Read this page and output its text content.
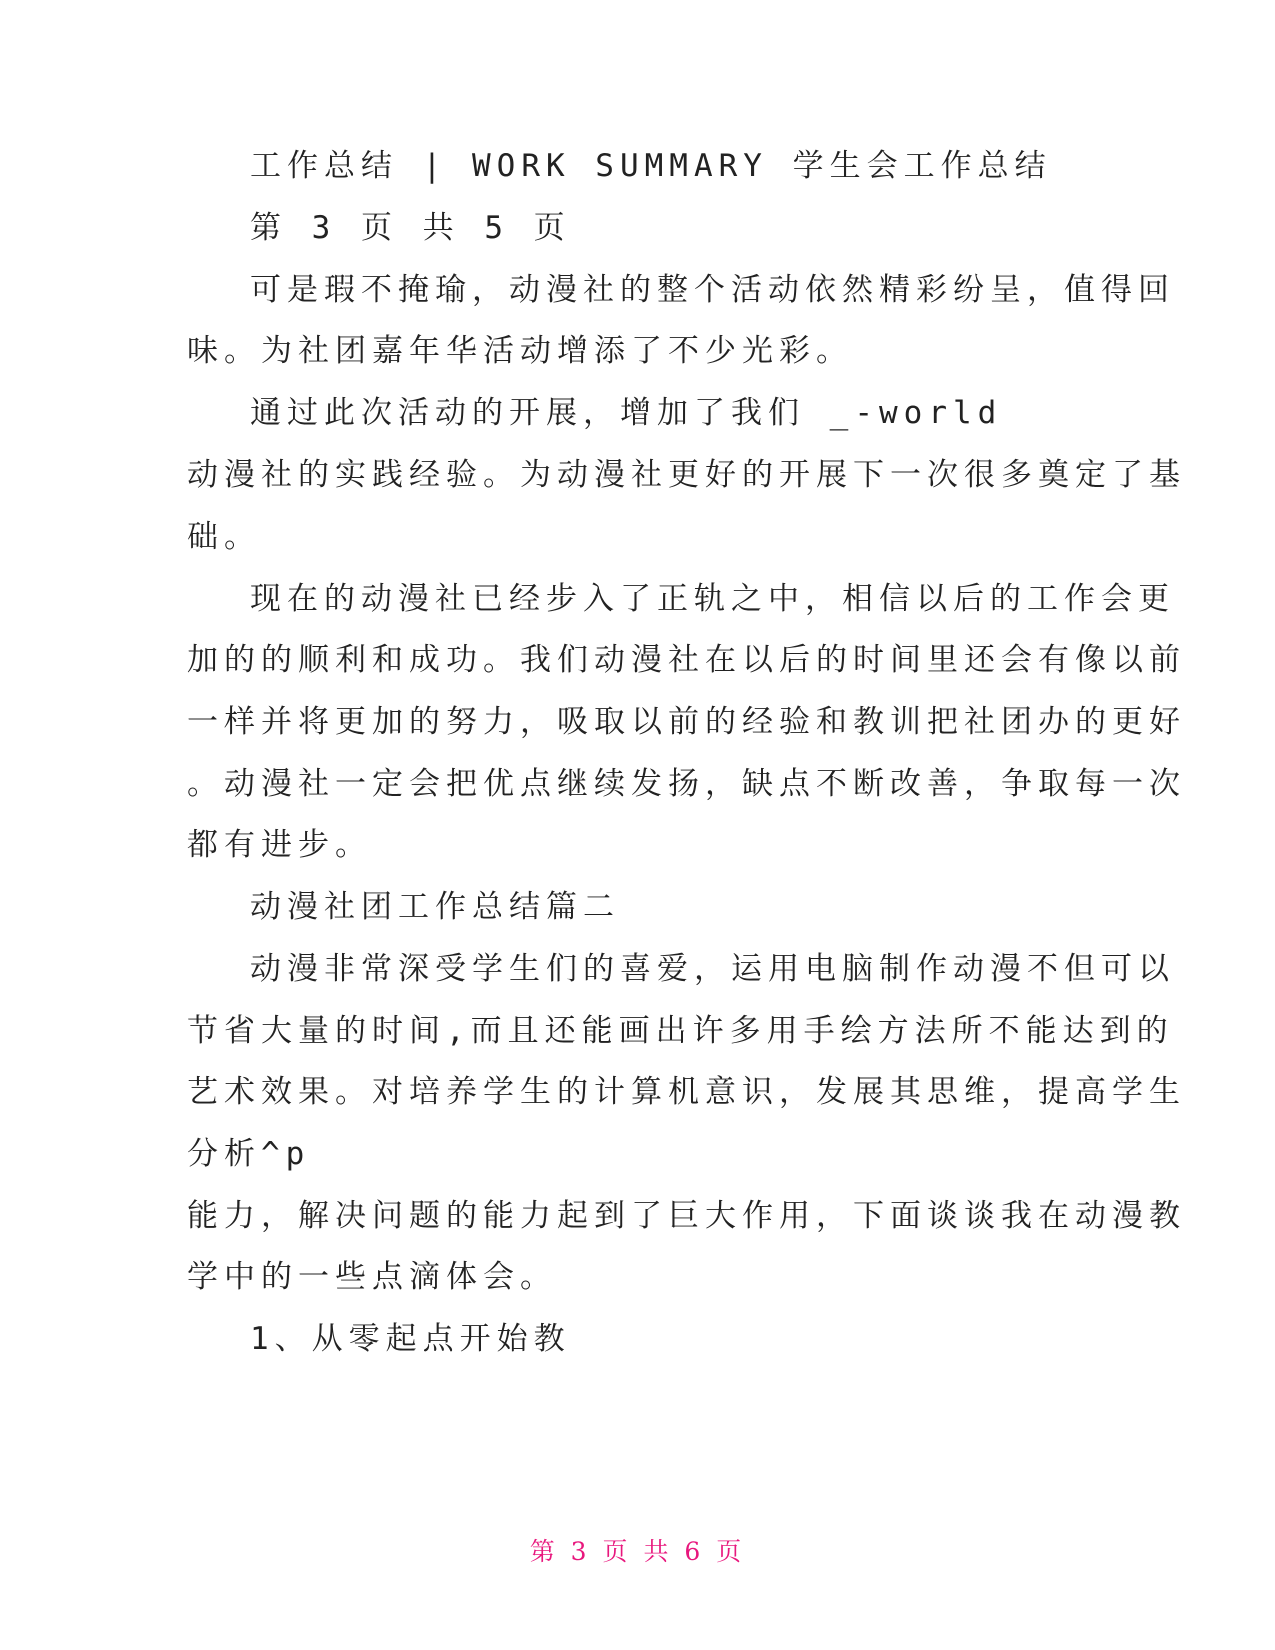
工作总结 | WORK SUMMARY 学生会工作总结
第 3 页 共 5 页
可是瑕不掩瑜，动漫社的整个活动依然精彩纷呈，值得回
味。为社团嘉年华活动增添了不少光彩。
通过此次活动的开展，增加了我们 _-world
动漫社的实践经验。为动漫社更好的开展下一次很多奠定了基
础。
现在的动漫社已经步入了正轨之中，相信以后的工作会更
加的的顺利和成功。我们动漫社在以后的时间里还会有像以前
一样并将更加的努力，吸取以前的经验和教训把社团办的更好
。动漫社一定会把优点继续发扬，缺点不断改善，争取每一次
都有进步。
动漫社团工作总结篇二
动漫非常深受学生们的喜爱，运用电脑制作动漫不但可以
节省大量的时间,而且还能画出许多用手绘方法所不能达到的
艺术效果。对培养学生的计算机意识，发展其思维，提高学生
分析^p
能力，解决问题的能力起到了巨大作用，下面谈谈我在动漫教
学中的一些点滴体会。
1、从零起点开始教
第 3 页 共 6 页
